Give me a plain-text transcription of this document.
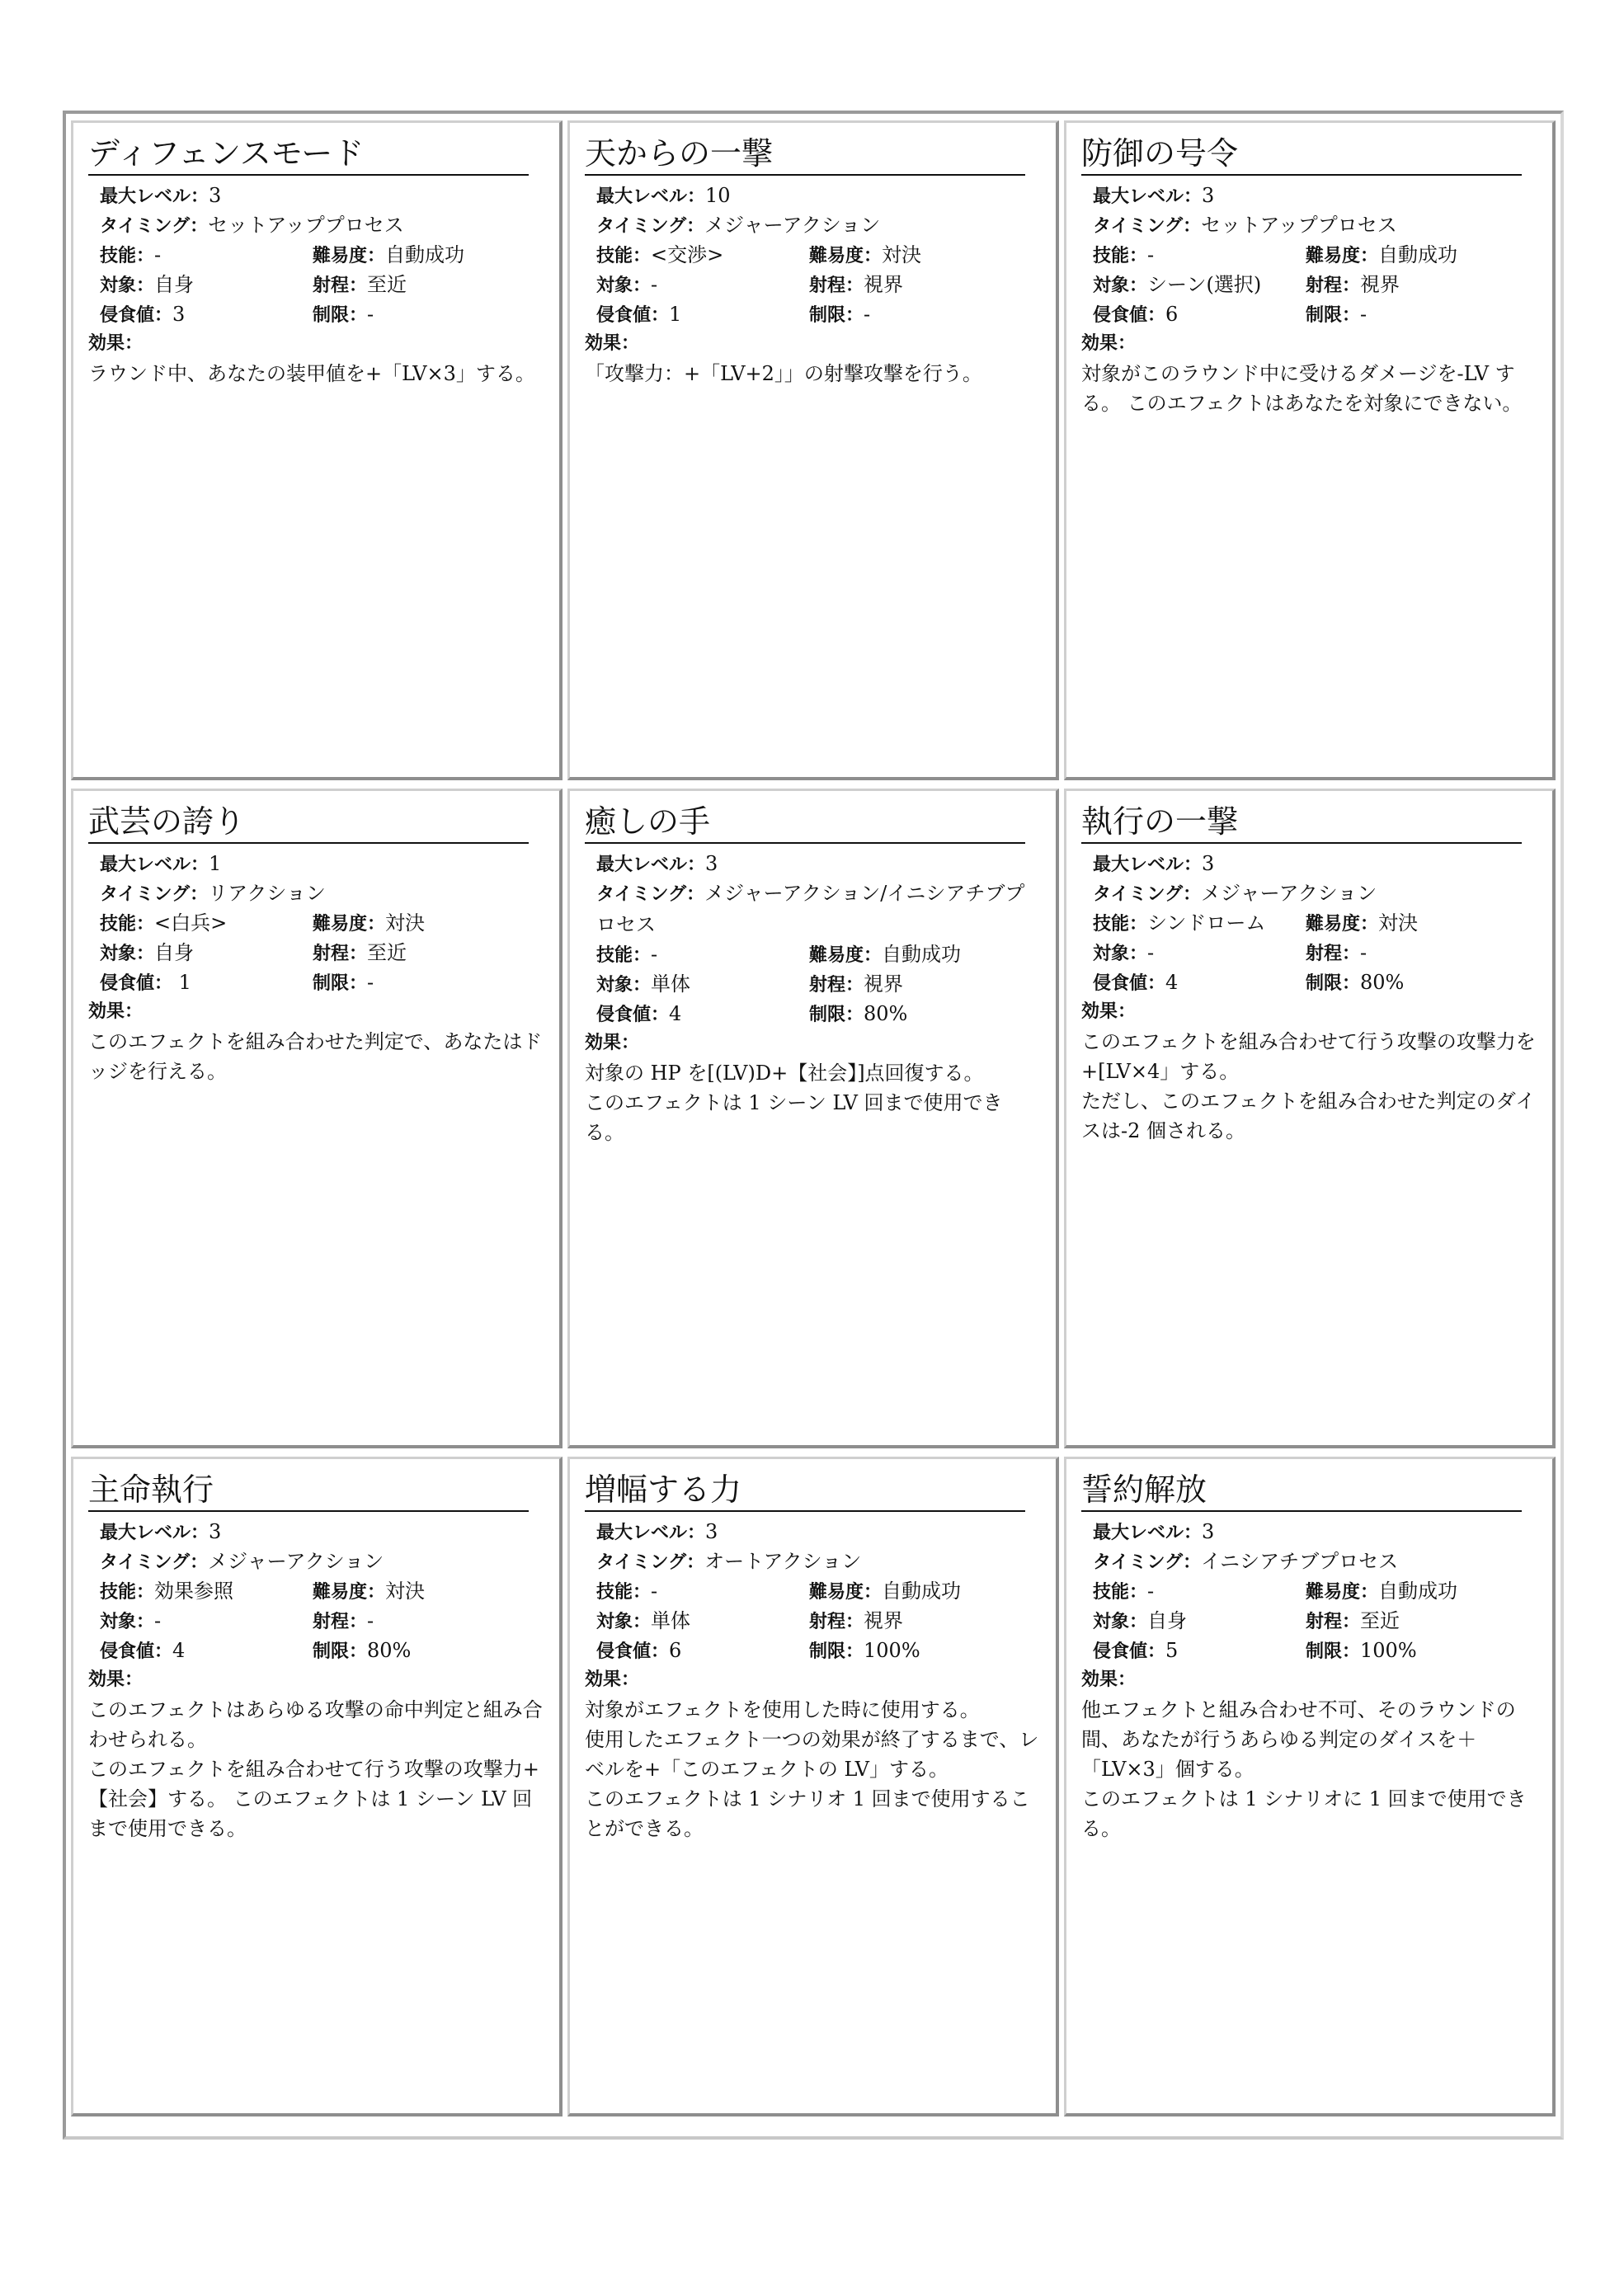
ディフェンスモード
最大レベル：3
タイミング：セットアッププロセス
技能：-	難易度：自動成功
対象：自身	射程：至近
侵食値：3	制限：-
効果：

ラウンド中、あなたの装甲値を+「LV×3」する。

天からの一撃
最大レベル：10
タイミング：メジャーアクション
技能：<交渉>	難易度：対決
対象：-	射程：視界
侵食値：1	制限：-
効果：

「攻撃力：+「LV+2」」の射撃攻撃を行う。

防御の号令
最大レベル：3
タイミング：セットアッププロセス
技能：-	難易度：自動成功
対象：シーン(選択) 射程：視界
侵食値：6	制限：-
効果：

対象がこのラウンド中に受けるダメージを-LV する。 このエフェクトはあなたを対象にできない。

武芸の誇り
最大レベル：1
タイミング：リアクション
技能：<白兵>	難易度：対決
対象：自身	射程：至近
侵食値： 1	制限：-
効果：

このエフェクトを組み合わせた判定で、あなたはドッジを行える。

癒しの手
最大レベル：3
タイミング：メジャーアクション/イニシアチブプロセス
技能：-	難易度：自動成功
対象：単体	射程：視界
侵食値：4	制限：80%
効果：

対象の HP を[(LV)D+【社会】]点回復する。

このエフェクトは 1 シーン LV 回まで使用できる。

執行の一撃
最大レベル：3
タイミング：メジャーアクション
技能：シンドローム 難易度：対決
対象：-	射程：-
侵食値：4	制限：80%
効果：

このエフェクトを組み合わせて行う攻撃の攻撃力を+[LV×4」する。

ただし、このエフェクトを組み合わせた判定のダイスは-2 個される。

主命執行
最大レベル：3
タイミング：メジャーアクション
技能：効果参照	難易度：対決
対象：-	射程：-
侵食値：4	制限：80%
効果：

このエフェクトはあらゆる攻撃の命中判定と組み合わせられる。

このエフェクトを組み合わせて行う攻撃の攻撃力+【社会】する。 このエフェクトは 1 シーン LV 回まで使用できる。

増幅する力
最大レベル：3
タイミング：オートアクション
技能：-	難易度：自動成功
対象：単体	射程：視界
侵食値：6	制限：100%
効果：

対象がエフェクトを使用した時に使用する。

使用したエフェクト一つの効果が終了するまで、レベルを+「このエフェクトの LV」する。

このエフェクトは 1 シナリオ 1 回まで使用することができる。

誓約解放
最大レベル：3
タイミング：イニシアチブプロセス
技能：-	難易度：自動成功
対象：自身	射程：至近
侵食値：5	制限：100%
効果：

他エフェクトと組み合わせ不可、そのラウンドの間、あなたが行うあらゆる判定のダイスを＋「LV×3」個する。

このエフェクトは 1 シナリオに 1 回まで使用できる。
